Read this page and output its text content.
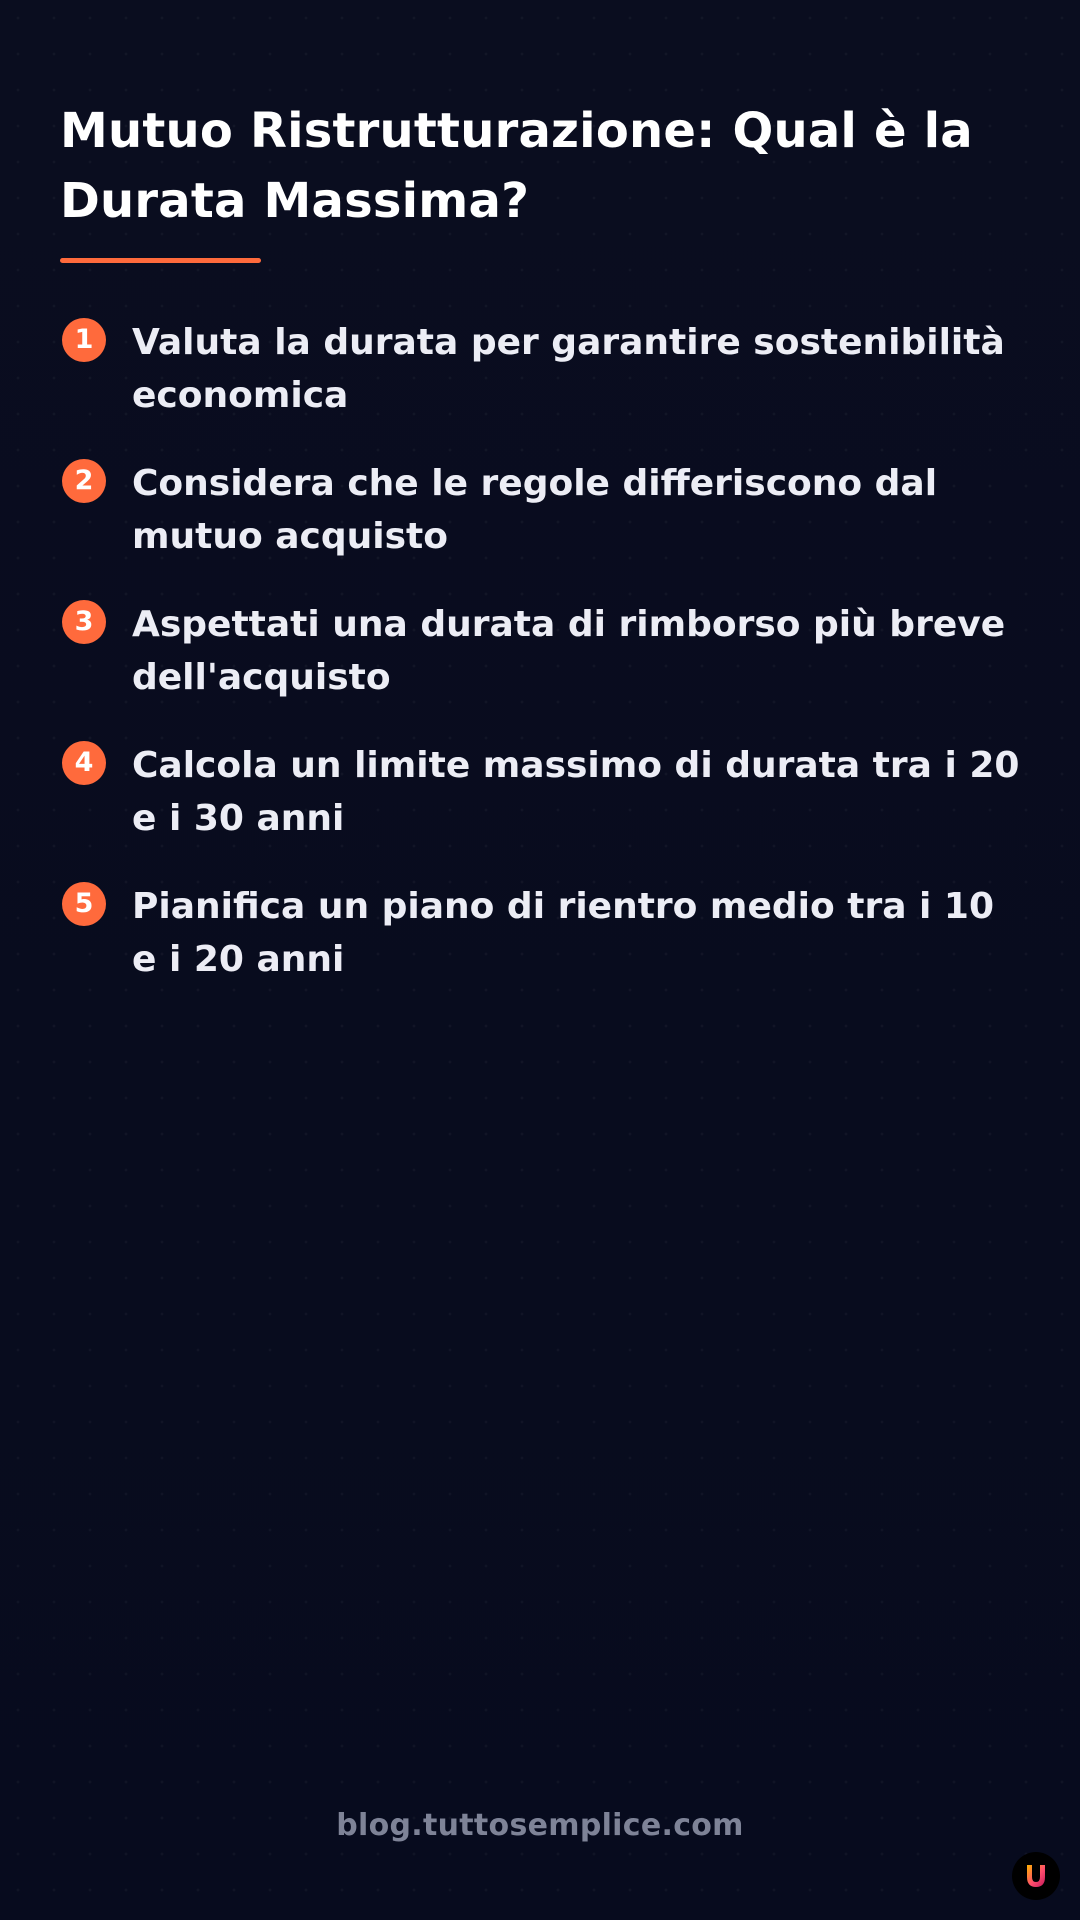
Mutuo Ristrutturazione: Qual è la Durata Massima?
1	Valuta la durata per garantire sostenibilità economica
2	Considera che le regole differiscono dal mutuo acquisto
3	Aspettati una durata di rimborso più breve dell'acquisto
4	Calcola un limite massimo di durata tra i 20 e i 30 anni
5	Pianifica un piano di rientro medio tra i 10 e i 20 anni
blog.tuttosemplice.com
